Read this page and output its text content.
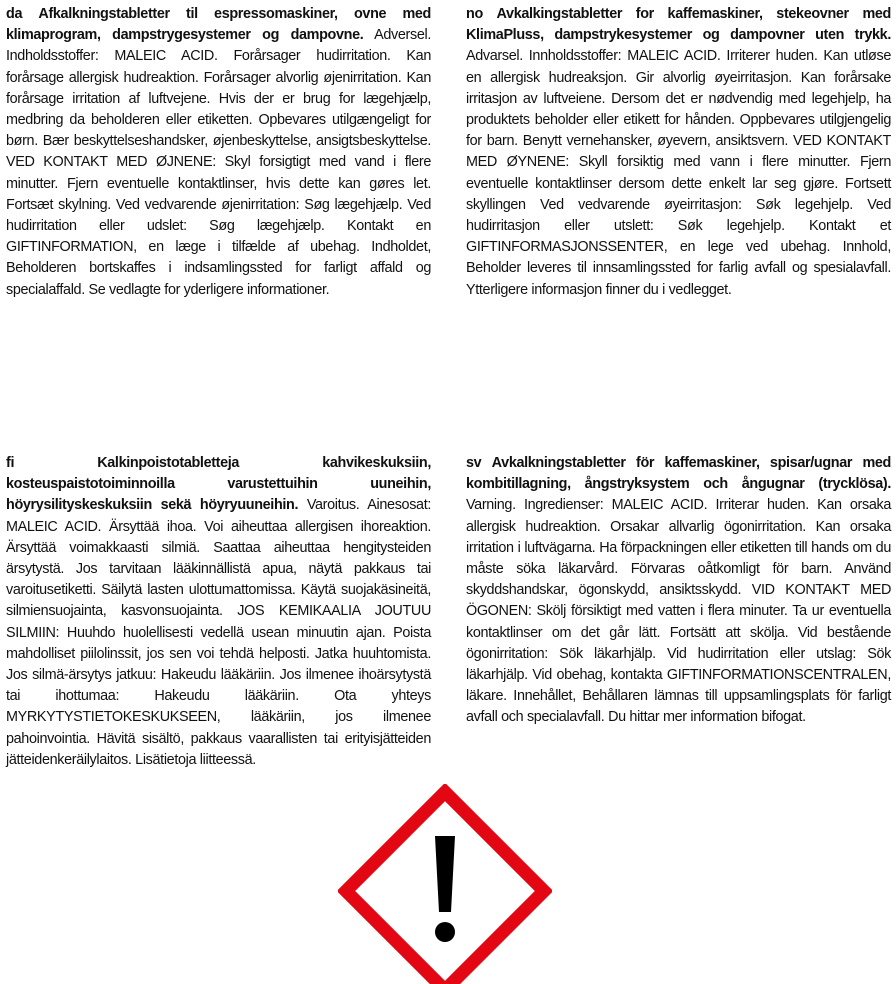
da Afkalkningstabletter til espressomaskiner, ovne med klimaprogram, dampstrygesystemer og dampovne. Adversel. Indholdsstoffer: MALEIC ACID. Forårsager hudirritation. Kan forårsage allergisk hudreaktion. Forårsager alvorlig øjenirritation. Kan forårsage irritation af luftvejene. Hvis der er brug for lægehjælp, medbring da beholderen eller etiketten. Opbevares utilgængeligt for børn. Bær beskyttelseshandsker, øjenbeskyttelse, ansigtsbeskyttelse. VED KONTAKT MED ØJNENE: Skyl forsigtigt med vand i flere minutter. Fjern eventuelle kontaktlinser, hvis dette kan gøres let. Fortsæt skylning. Ved vedvarende øjenirritation: Søg lægehjælp. Ved hudirritation eller udslet: Søg lægehjælp. Kontakt en GIFTINFORMATION, en læge i tilfælde af ubehag. Indholdet, Beholderen bortskaffes i indsamlingssted for farligt affald og specialaffald. Se vedlagte for yderligere informationer.

no Avkalkingstabletter for kaffemaskiner, stekeovner med KlimaPluss, dampstrykesystemer og dampovner uten trykk. Advarsel. Innholdsstoffer: MALEIC ACID. Irriterer huden. Kan utløse en allergisk hudreaksjon. Gir alvorlig øyeirritasjon. Kan forårsake irritasjon av luftveiene. Dersom det er nødvendig med legehjelp, ha produktets beholder eller etikett for hånden. Oppbevares utilgjengelig for barn. Benytt vernehansker, øyevern, ansiktsvern. VED KONTAKT MED ØYNENE: Skyll forsiktig med vann i flere minutter. Fjern eventuelle kontaktlinser dersom dette enkelt lar seg gjøre. Fortsett skyllingen Ved vedvarende øyeirritasjon: Søk legehjelp. Ved hudirritasjon eller utslett: Søk legehjelp. Kontakt et GIFTINFORMASJONSSENTER, en lege ved ubehag. Innhold, Beholder leveres til innsamlingssted for farlig avfall og spesialavfall. Ytterligere informasjon finner du i vedlegget.

fi	Kalkinpoistotabletteja kahvikeskuksiin, kosteuspaistotoiminnoilla varustettuihin uuneihin, höyrysilityskeskuksiin sekä höyryuuneihin. Varoitus. Ainesosat: MALEIC ACID. Ärsyttää ihoa. Voi aiheuttaa allergisen ihoreaktion. Ärsyttää voimakkaasti silmiä. Saattaa aiheuttaa hengitysteiden ärsytystä. Jos tarvitaan lääkinnällistä apua, näytä pakkaus tai varoitusetiketti. Säilytä lasten ulottumattomissa. Käytä suojakäsineitä, silmiensuojainta, kasvonsuojainta. JOS KEMIKAALIA JOUTUU SILMIIN: Huuhdo huolellisesti vedellä usean minuutin ajan. Poista mahdolliset piilolinssit, jos sen voi tehdä helposti. Jatka huuhtomista. Jos silmä-ärsytys jatkuu: Hakeudu lääkäriin. Jos ilmenee ihoärsytystä tai ihottumaa: Hakeudu lääkäriin. Ota yhteys MYRKYTYSTIETOKESKUKSEEN, lääkäriin, jos ilmenee pahoinvointia. Hävitä sisältö, pakkaus vaarallisten tai erityisjätteiden jätteidenkeräilylaitos. Lisätietoja liitteessä.

sv Avkalkningstabletter för kaffemaskiner, spisar/ugnar med kombitillagning, ångstryksystem och ångugnar (trycklösa). Varning. Ingredienser: MALEIC ACID. Irriterar huden. Kan orsaka allergisk hudreaktion. Orsakar allvarlig ögonirritation. Kan orsaka irritation i luftvägarna. Ha förpackningen eller etiketten till hands om du måste söka läkarvård. Förvaras oåtkomligt för barn. Använd skyddshandskar, ögonskydd, ansiktsskydd. VID KONTAKT MED ÖGONEN: Skölj försiktigt med vatten i flera minuter. Ta ur eventuella kontaktlinser om det går lätt. Fortsätt att skölja. Vid bestående ögonirritation: Sök läkarhjälp. Vid hudirritation eller utslag: Sök läkarhjälp. Vid obehag, kontakta GIFTINFORMATIONSCENTRALEN, läkare. Innehållet, Behållaren lämnas till uppsamlingsplats för farligt avfall och specialavfall. Du hittar mer information bifogat.
